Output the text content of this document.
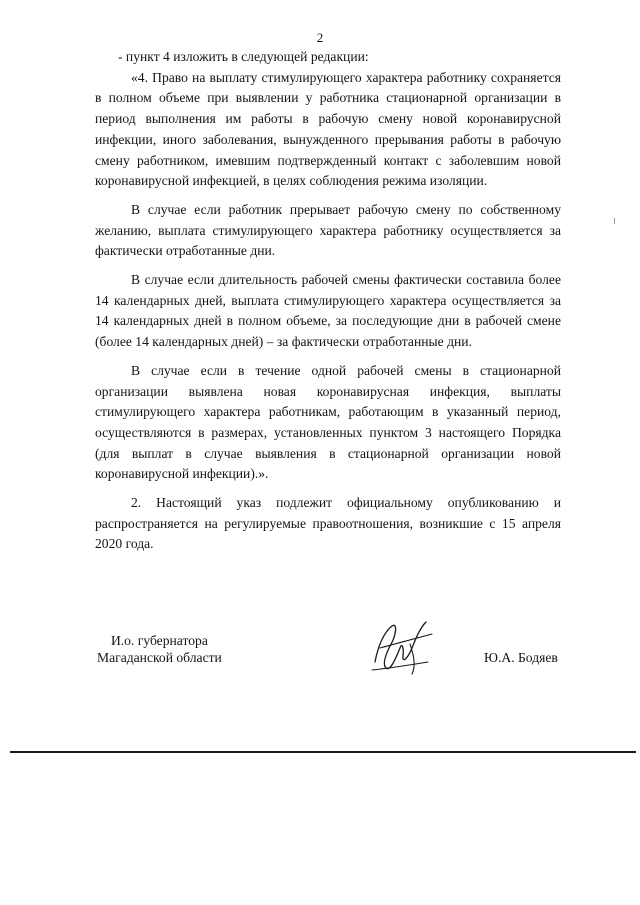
2

- пункт 4 изложить в следующей редакции:

«4. Право на выплату стимулирующего характера работнику сохраняется в полном объеме при выявлении у работника стационарной организации в период выполнения им работы в рабочую смену новой коронавирусной инфекции, иного заболевания, вынужденного прерывания работы в рабочую смену работником, имевшим подтвержденный контакт с заболевшим новой коронавирусной инфекцией, в целях соблюдения режима изоляции.

В случае если работник прерывает рабочую смену по собственному желанию, выплата стимулирующего характера работнику осуществляется за фактически отработанные дни.

В случае если длительность рабочей смены фактически составила более 14 календарных дней, выплата стимулирующего характера осуществляется за 14 календарных дней в полном объеме, за последующие дни в рабочей смене (более 14 календарных дней) – за фактически отработанные дни.

В случае если в течение одной рабочей смены в стационарной организации выявлена новая коронавирусная инфекция, выплаты стимулирующего характера работникам, работающим в указанный период, осуществляются в размерах, установленных пунктом 3 настоящего Порядка (для выплат в случае выявления в стационарной организации новой коронавирусной инфекции).».

2. Настоящий указ подлежит официальному опубликованию и распространяется на регулируемые правоотношения, возникшие с 15 апреля 2020 года.

И.о. губернатора
Магаданской области	Ю.А. Бодяев
